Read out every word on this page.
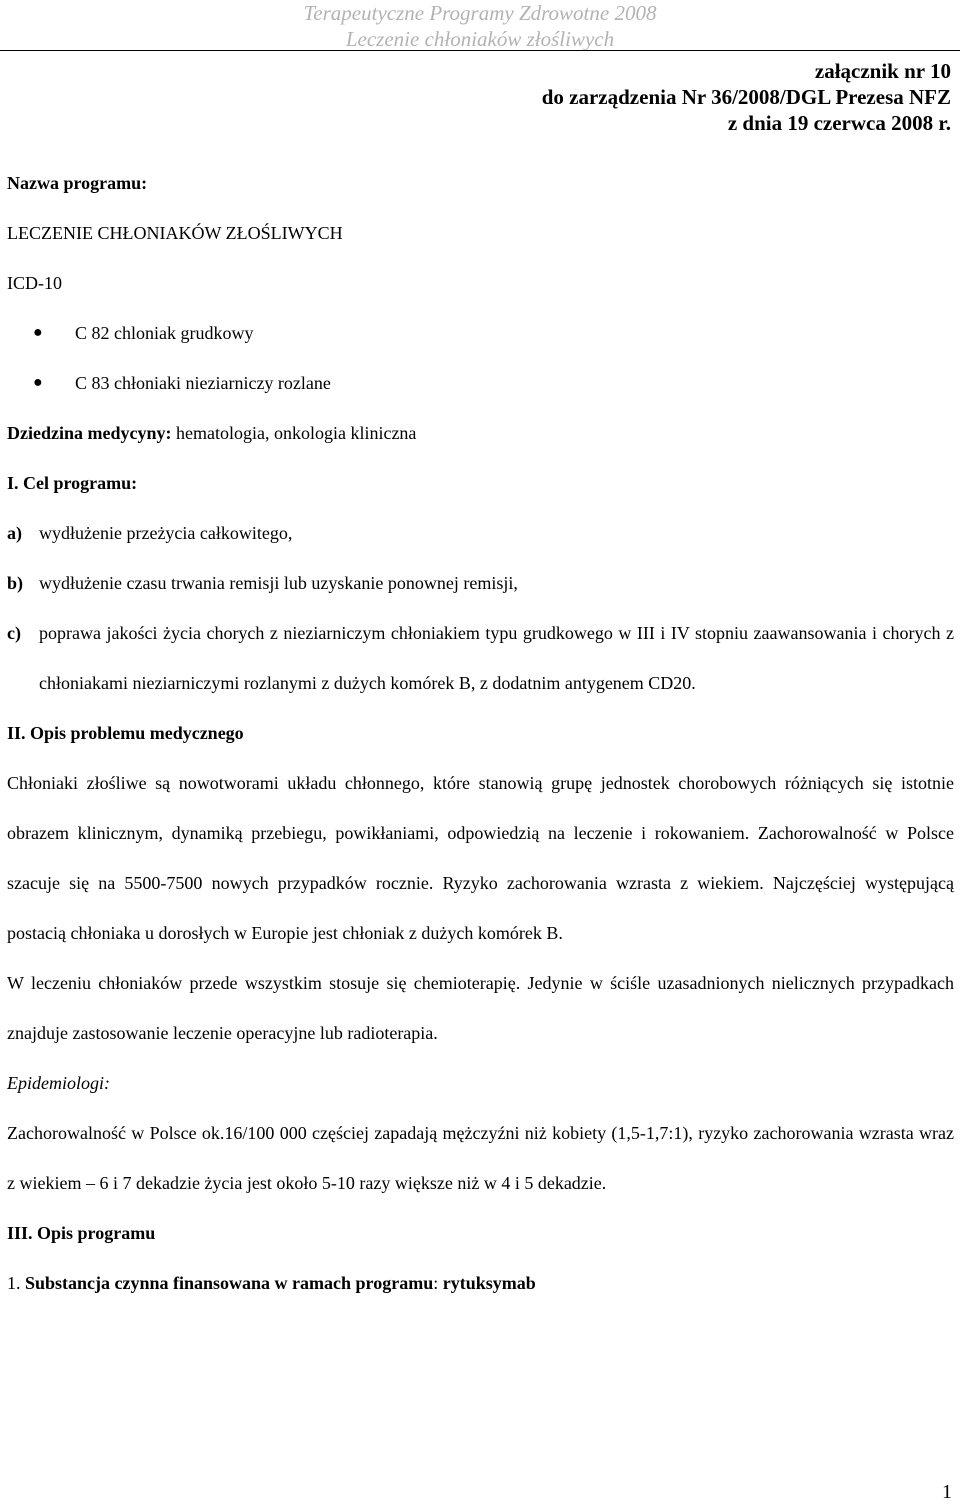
Terapeutyczne Programy Zdrowotne 2008
Leczenie chłoniaków złośliwych
załącznik nr 10
do zarządzenia Nr 36/2008/DGL Prezesa NFZ
z dnia 19 czerwca 2008 r.

Nazwa programu:

LECZENIE CHŁONIAKÓW ZŁOŚLIWYCH

ICD-10

● C 82 chloniak grudkowy
● C 83 chłoniaki nieziarniczy rozlane

Dziedzina medycyny: hematologia, onkologia kliniczna

I. Cel programu:

a) wydłużenie przeżycia całkowitego,
b) wydłużenie czasu trwania remisji lub uzyskanie ponownej remisji,
c) poprawa jakości życia chorych z nieziarniczym chłoniakiem typu grudkowego w III i IV stopniu zaawansowania i chorych z chłoniakami nieziarniczymi rozlanymi z dużych komórek B, z dodatnim antygenem CD20.

II. Opis problemu medycznego

Chłoniaki złośliwe są nowotworami układu chłonnego, które stanowią grupę jednostek chorobowych różniących się istotnie obrazem klinicznym, dynamiką przebiegu, powikłaniami, odpowiedzią na leczenie i rokowaniem. Zachorowalność w Polsce szacuje się na 5500-7500 nowych przypadków rocznie. Ryzyko zachorowania wzrasta z wiekiem. Najczęściej występującą postacią chłoniaka u dorosłych w Europie jest chłoniak z dużych komórek B.

W leczeniu chłoniaków przede wszystkim stosuje się chemioterapię. Jedynie w ściśle uzasadnionych nielicznych przypadkach znajduje zastosowanie leczenie operacyjne lub radioterapia.

Epidemiologi:

Zachorowalność w Polsce ok.16/100 000 częściej zapadają mężczyźni niż kobiety (1,5-1,7:1), ryzyko zachorowania wzrasta wraz z wiekiem – 6 i 7 dekadzie życia jest około 5-10 razy większe niż w 4 i 5 dekadzie.

III. Opis programu

1. Substancja czynna finansowana w ramach programu: rytuksymab

1
